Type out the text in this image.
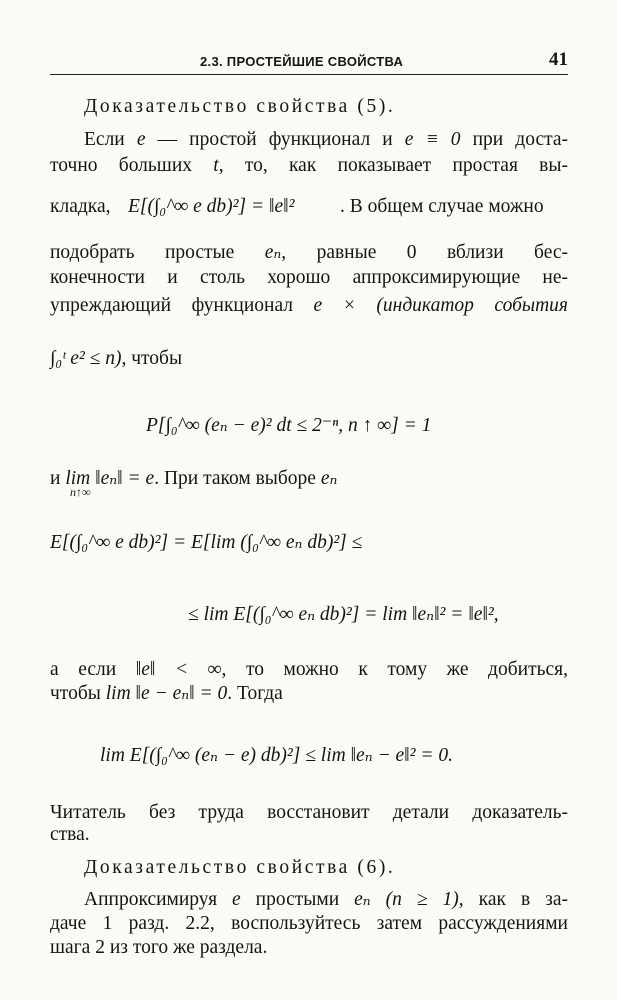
2.3. ПРОСТЕЙШИЕ СВОЙСТВА	41
Доказательство свойства (5).
Если e — простой функционал и e ≡ 0 при доста-
точно больших t, то, как показывает простая вы-
кладка, E[(∫₀^∞ e db)²] = ‖e‖² . В общем случае можно
подобрать простые eₙ, равные 0 вблизи бес-
конечности и столь хорошо аппроксимирующие не-
упреждающий функционал e × (индикатор события
∫₀ᵗ e² ≤ n), чтобы
P[∫₀^∞ (eₙ − e)² dt ≤ 2⁻ⁿ, n ↑ ∞] = 1
и lim ‖eₙ‖ = e. При таком выборе eₙ
n↑∞
E[(∫₀^∞ e db)²] = E[lim (∫₀^∞ eₙ db)²] ≤
≤ lim E[(∫₀^∞ eₙ db)²] = lim ‖eₙ‖² = ‖e‖²,
а если ‖e‖ < ∞, то можно к тому же добиться,
чтобы lim ‖e − eₙ‖ = 0. Тогда
lim E[(∫₀^∞ (eₙ − e) db)²] ≤ lim ‖eₙ − e‖² = 0.
Читатель без труда восстановит детали доказатель-
ства.
Доказательство свойства (6).
Аппроксимируя e простыми eₙ (n ≥ 1), как в за-
даче 1 разд. 2.2, воспользуйтесь затем рассуждениями
шага 2 из того же раздела.
